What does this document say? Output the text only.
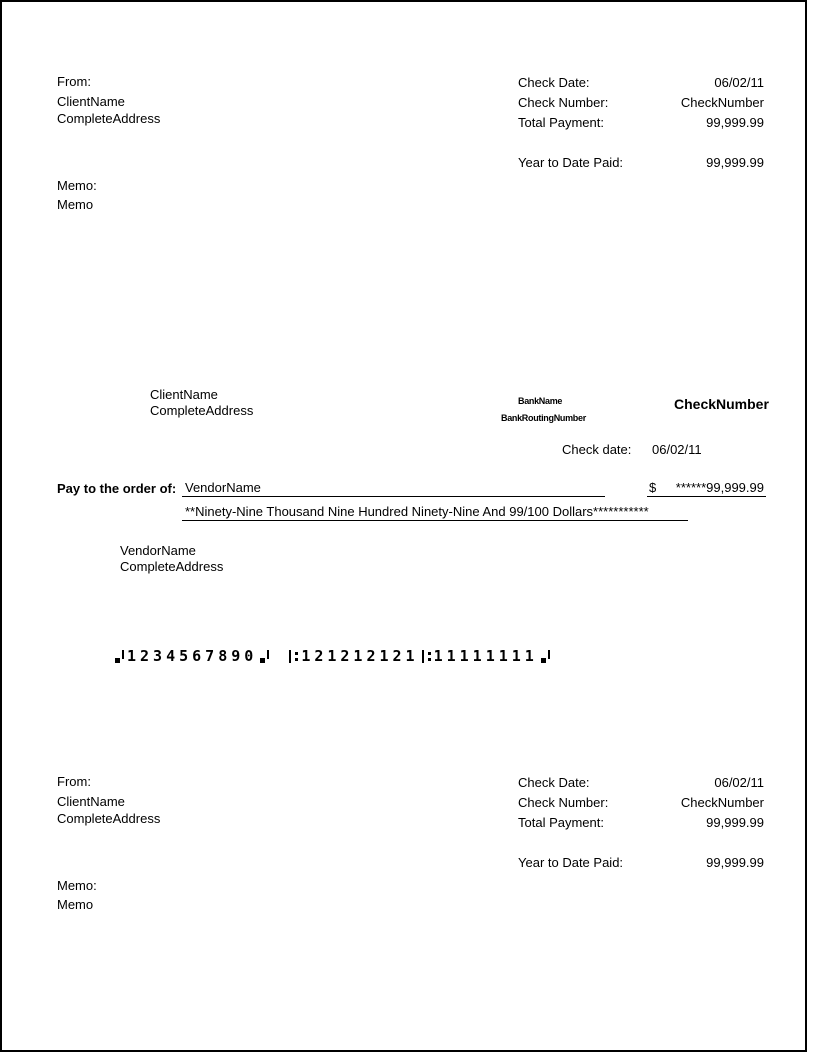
From:
ClientName
CompleteAddress
Check Date:	06/02/11
Check Number:	CheckNumber
Total Payment:	99,999.99
Year to Date Paid:	99,999.99
Memo:
Memo
ClientName
CompleteAddress
BankName
BankRoutingNumber
CheckNumber
Check date: 06/02/11
Pay to the order of: VendorName	$ ******99,999.99
**Ninety-Nine Thousand Nine Hundred Ninety-Nine And 99/100 Dollars***********
VendorName
CompleteAddress
1234567890	121212121 11111111
From:
ClientName
CompleteAddress
Check Date:	06/02/11
Check Number:	CheckNumber
Total Payment:	99,999.99
Year to Date Paid:	99,999.99
Memo:
Memo
